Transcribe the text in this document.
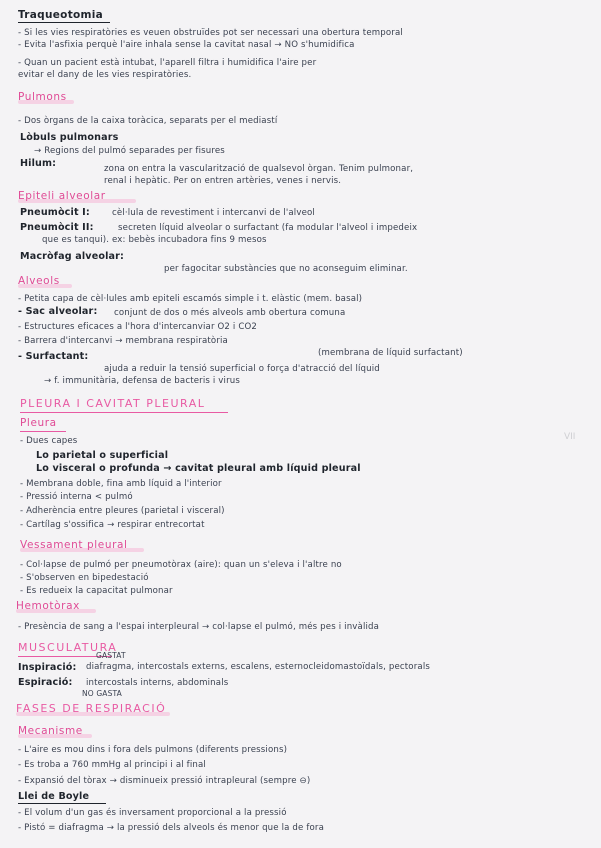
Traqueotomia
- Si les vies respiratòries es veuen obstruïdes pot ser necessari una obertura temporal
- Evita l'asfixia perquè l'aire inhala sense la cavitat nasal → NO s'humidifica
- Quan un pacient està intubat, l'aparell filtra i humidifica l'aire per
evitar el dany de les vies respiratòries.
Pulmons
- Dos òrgans de la caixa toràcica, separats per el mediastí
Lòbuls pulmonars
→ Regions del pulmó separades per fisures
Hilum:	zona on entra la vascularització de qualsevol òrgan. Tenim pulmonar,
renal i hepàtic. Per on entren artèries, venes i nervis.
Epiteli alveolar
Pneumòcit I:	cèl·lula de revestiment i intercanvi de l'alveol
Pneumòcit II:	secreten líquid alveolar o surfactant (fa modular l'alveol i impedeix
que es tanqui). ex: bebès incubadora fins 9 mesos
Macròfag alveolar:
per fagocitar substàncies que no aconseguim eliminar.
Alveols
- Petita capa de cèl·lules amb epiteli escamós simple i t. elàstic (mem. basal)
- Sac alveolar: conjunt de dos o més alveols amb obertura comuna
- Estructures eficaces a l'hora d'intercanviar O2 i CO2
- Barrera d'intercanvi → membrana respiratòria
(membrana de líquid surfactant)
- Surfactant:
ajuda a reduir la tensió superficial o força d'atracció del líquid
→ f. immunitària, defensa de bacteris i virus
PLEURA I CAVITAT PLEURAL
Pleura
- Dues capes
Lo parietal o superficial
Lo visceral o profunda → cavitat pleural amb líquid pleural
- Membrana doble, fina amb líquid a l'interior
- Pressió interna < pulmó
- Adherència entre pleures (parietal i visceral)
- Cartílag s'ossifica → respirar entrecortat
Vessament pleural
- Col·lapse de pulmó per pneumotòrax (aire): quan un s'eleva i l'altre no
- S'observen en bipedestació
- Es redueix la capacitat pulmonar
Hemotòrax
- Presència de sang a l'espai interpleural → col·lapse el pulmó, més pes i invàlida
MUSCULATURA
GASTAT
Inspiració: diafragma, intercostals externs, escalens, esternocleidomastoïdals, pectorals
Espiració: intercostals interns, abdominals
NO GASTA
FASES DE RESPIRACIÓ
Mecanisme
- L'aire es mou dins i fora dels pulmons (diferents pressions)
- Es troba a 760 mmHg al principi i al final
- Expansió del tòrax → disminueix pressió intrapleural (sempre ⊖)
Llei de Boyle
- El volum d'un gas és inversament proporcional a la pressió
- Pistó = diafragma → la pressió dels alveols és menor que la de fora
VII
